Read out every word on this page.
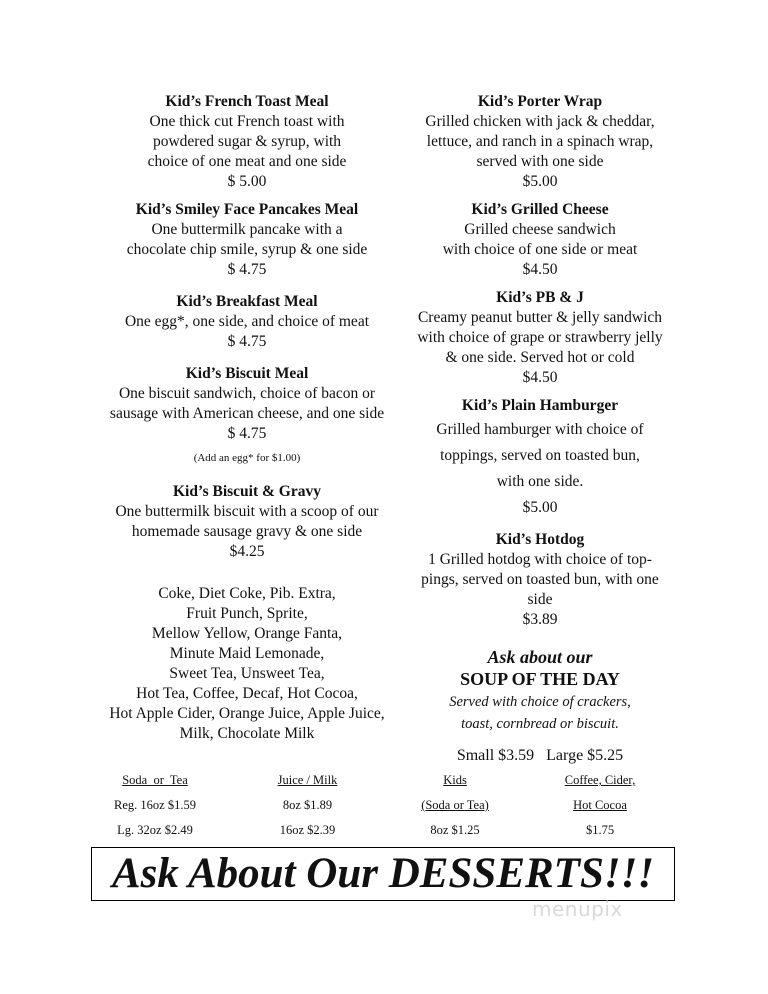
Kid’s French Toast Meal
One thick cut French toast with
powdered sugar & syrup, with
choice of one meat and one side
$ 5.00
Kid’s Smiley Face Pancakes Meal
One buttermilk pancake with a
chocolate chip smile, syrup & one side
$ 4.75
Kid’s Breakfast Meal
One egg*, one side, and choice of meat
$ 4.75
Kid’s Biscuit Meal
One biscuit sandwich, choice of bacon or
sausage with American cheese, and one side
$ 4.75
(Add an egg* for $1.00)
Kid’s Biscuit & Gravy
One buttermilk biscuit with a scoop of our
homemade sausage gravy & one side
$4.25
Coke, Diet Coke, Pib. Extra,
Fruit Punch, Sprite,
Mellow Yellow, Orange Fanta,
Minute Maid Lemonade,
Sweet Tea, Unsweet Tea,
Hot Tea, Coffee, Decaf, Hot Cocoa,
Hot Apple Cider, Orange Juice, Apple Juice,
Milk, Chocolate Milk
Kid’s Porter Wrap
Grilled chicken with jack & cheddar,
lettuce, and ranch in a spinach wrap,
served with one side
$5.00
Kid’s Grilled Cheese
Grilled cheese sandwich
with choice of one side or meat
$4.50
Kid’s PB & J
Creamy peanut butter & jelly sandwich
with choice of grape or strawberry jelly
& one side. Served hot or cold
$4.50
Kid’s Plain Hamburger
Grilled hamburger with choice of
toppings, served on toasted bun,
with one side.
$5.00
Kid’s Hotdog
1 Grilled hotdog with choice of top-
pings, served on toasted bun, with one
side
$3.89
Ask about our
SOUP OF THE DAY
Served with choice of crackers,
toast, cornbread or biscuit.
Small $3.59   Large $5.25
Soda  or  Tea
Reg. 16oz $1.59
Lg. 32oz $2.49
Juice / Milk
8oz $1.89
16oz $2.39
Kids
(Soda or Tea)
8oz $1.25
Coffee, Cider,
Hot Cocoa
$1.75
Ask About Our DESSERTS!!!
menupix
